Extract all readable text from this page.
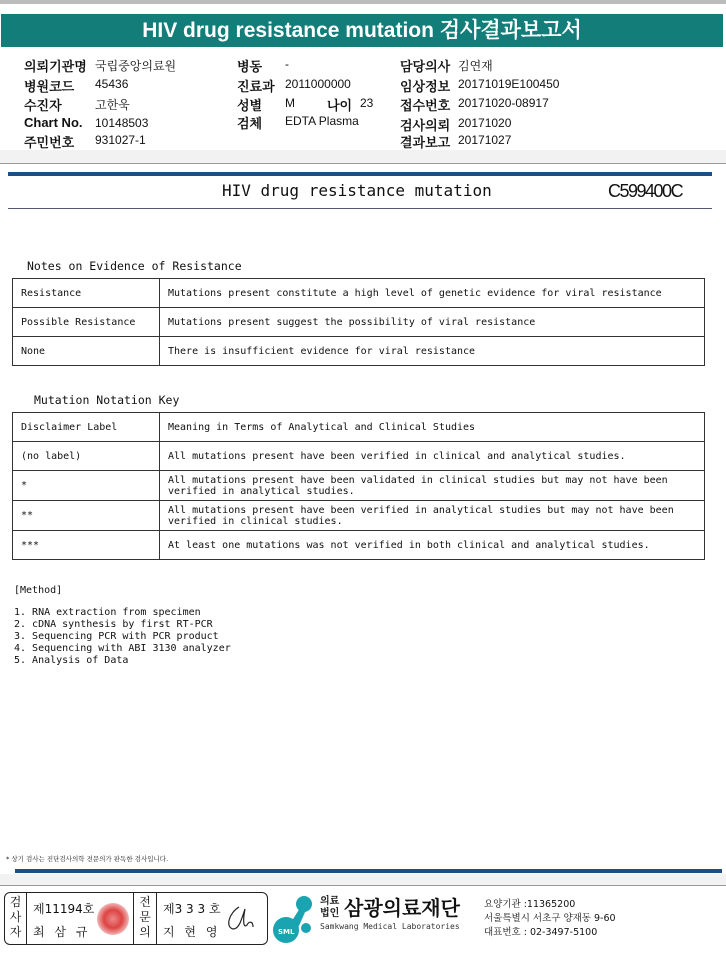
HIV drug resistance mutation 검사결과보고서
의뢰기관명 국립중앙의료원
병원코드 45436
수진자	고한욱
Chart No. 10148503
주민번호 931027-1
병동 -
진료과 2011000000
성별 M 나이 23
검체 EDTA Plasma
담당의사 김연재
임상정보 20171019E100450
접수번호 20171020-08917
검사의뢰 20171020
결과보고 20171027
HIV drug resistance mutation	C599400C
Notes on Evidence of Resistance
Resistance	Mutations present constitute a high level of genetic evidence for viral resistance
Possible Resistance	Mutations present suggest the possibility of viral resistance
None	There is insufficient evidence for viral resistance
Mutation Notation Key
Disclaimer Label	Meaning in Terms of Analytical and Clinical Studies
(no label)	All mutations present have been verified in clinical and analytical studies.
*	All mutations present have been validated in clinical studies but may not have been verified in analytical studies.
**	All mutations present have been verified in analytical studies but may not have been verified in clinical studies.
***	At least one mutations was not verified in both clinical and analytical studies.
[Method]
1. RNA extraction from specimen
2. cDNA synthesis by first RT-PCR
3. Sequencing PCR with PCR product
4. Sequencing with ABI 3130 analyzer
5. Analysis of Data
* 상기 검사는 진단검사의학 전문의가 판독한 검사입니다.
검사자
제11194호
최 삼 규
전문의
제3 3 3 호
지 현 영	SML
의료법인 삼광의료재단
Samkwang Medical Laboratories
요양기관 :11365200
서울특별시 서초구 양재동 9-60
대표번호 : 02-3497-5100
